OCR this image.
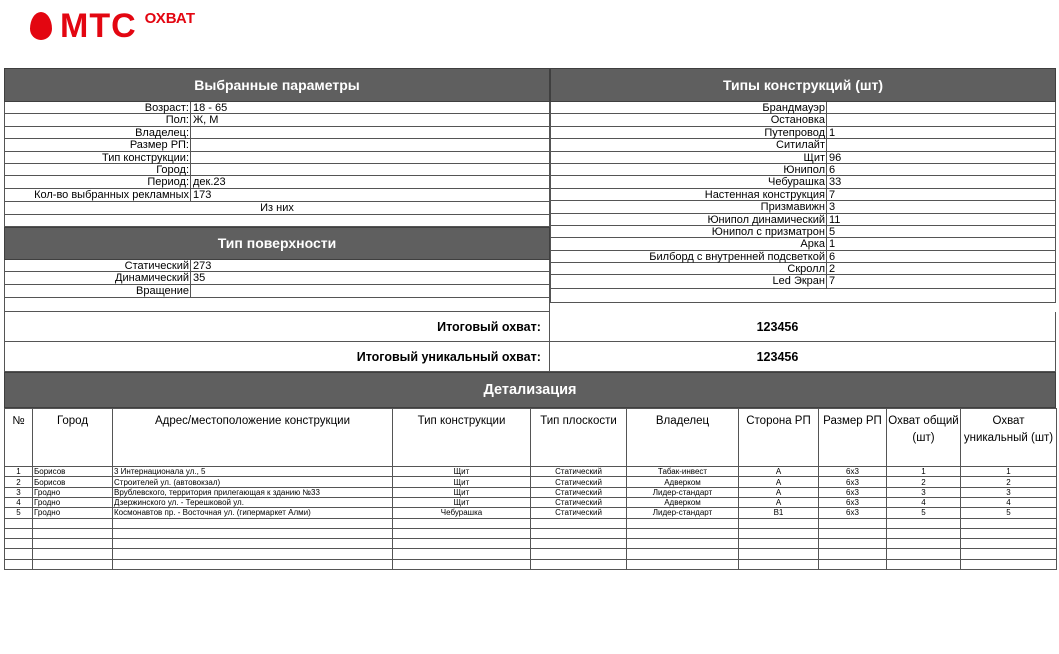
МТС ОХВАТ
Выбранные параметры
Возраст: 18 - 65
Пол: Ж, М
Владелец:
Размер РП:
Тип конструкции:
Город:
Период: дек.23
Кол-во выбранных рекламных 173
Из них
Тип поверхности
Статический 273
Динамический 35
Вращение
Типы конструкций (шт)
Брандмауэр
Остановка
Путепровод 1
Ситилайт
Щит 96
Юнипол 6
Чебурашка 33
Настенная конструкция 7
Призмавижн 3
Юнипол динамический 11
Юнипол с призматрон 5
Арка 1
Билборд с внутренней подсветкой 6
Скролл 2
Led Экран 7
Итоговый охват:	123456
Итоговый уникальный охват:	123456
Детализация
№	Город	Адрес/местоположение конструкции	Тип конструкции	Тип плоскости	Владелец	Сторона РП	Размер РП	Охват общий (шт)	Охват уникальный (шт)
1	Борисов	3 Интернационала ул., 5	Щит	Статический	Табак-инвест	А	6х3	1	1
2	Борисов	Строителей ул. (автовокзал)	Щит	Статический	Адверком	А	6х3	2	2
3	Гродно	Врублевского, территория прилегающая к зданию №33	Щит	Статический	Лидер-стандарт	А	6х3	3	3
4	Гродно	Дзержинского ул. - Терешковой ул.	Щит	Статический	Адверком	А	6х3	4	4
5	Гродно	Космонавтов пр. - Восточная ул. (гипермаркет Алми)	Чебурашка	Статический	Лидер-стандарт	В1	6х3	5	5
